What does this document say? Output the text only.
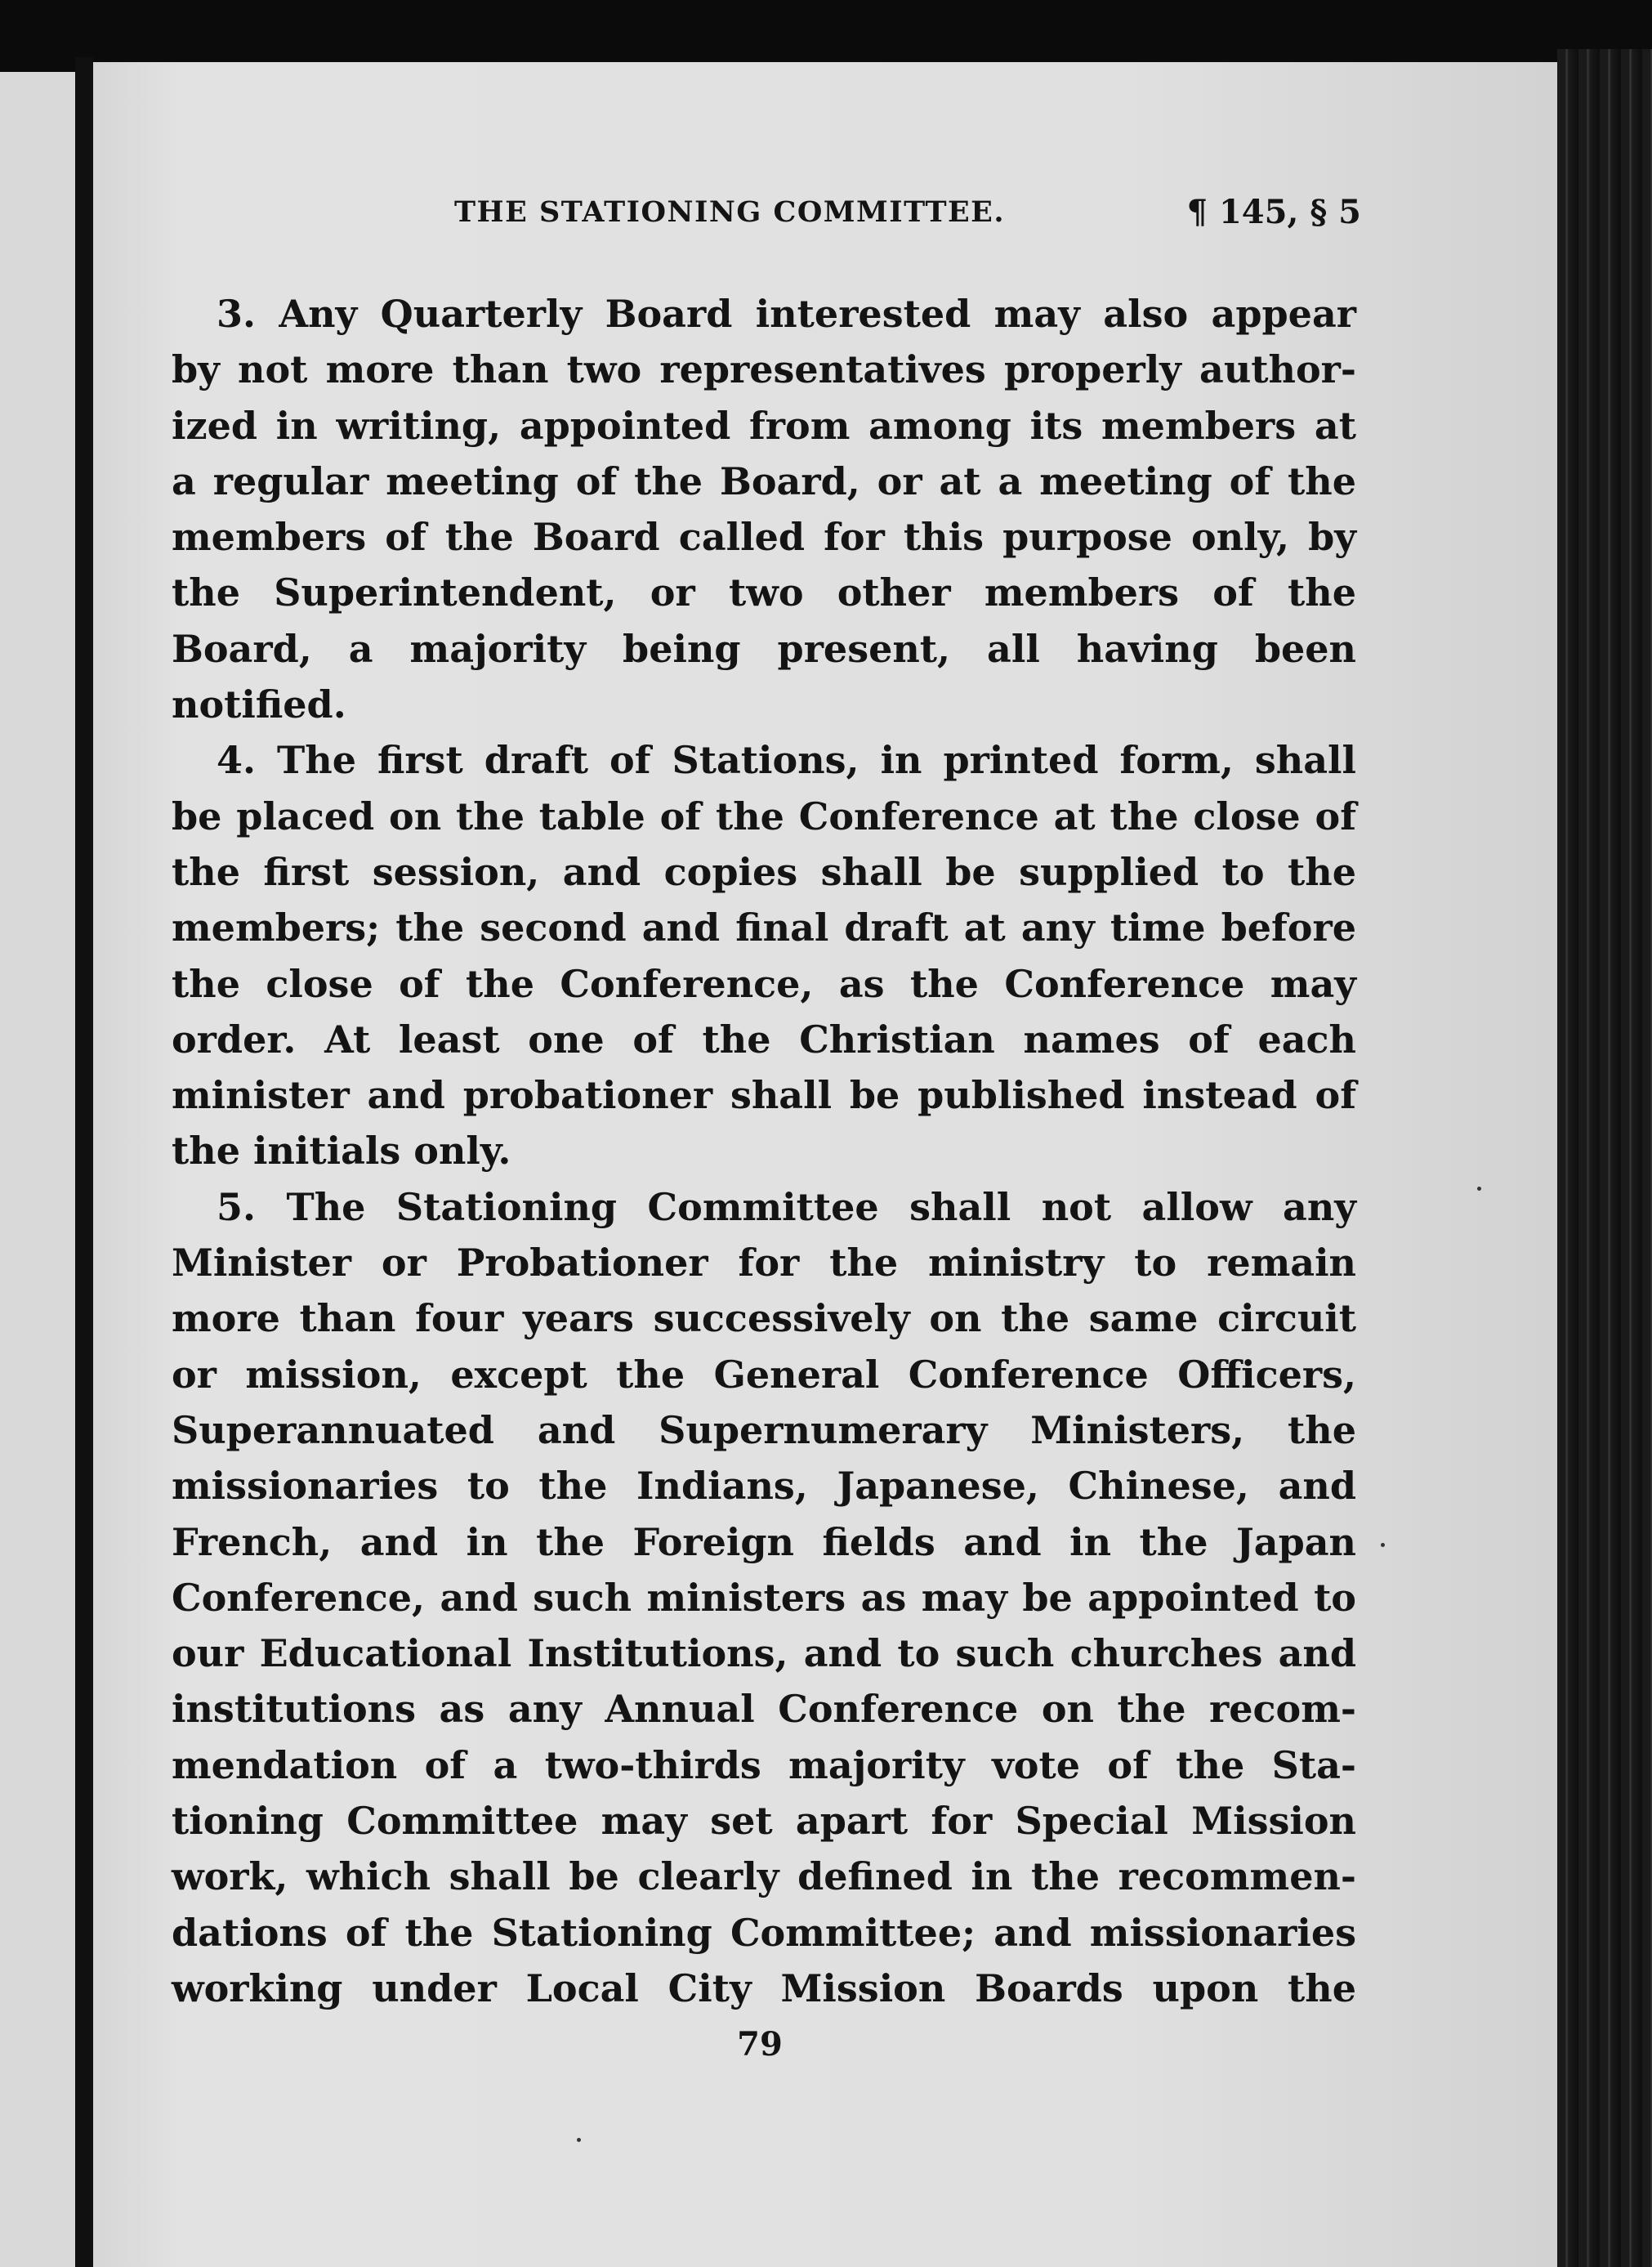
THE STATIONING COMMITTEE.	¶ 145, § 5
3. Any Quarterly Board interested may also appear
by not more than two representatives properly author-
ized in writing, appointed from among its members at
a regular meeting of the Board, or at a meeting of the
members of the Board called for this purpose only, by
the Superintendent, or two other members of the
Board, a majority being present, all having been
notified.
4. The first draft of Stations, in printed form, shall
be placed on the table of the Conference at the close of
the first session, and copies shall be supplied to the
members; the second and final draft at any time before
the close of the Conference, as the Conference may
order. At least one of the Christian names of each
minister and probationer shall be published instead of
the initials only.
5. The Stationing Committee shall not allow any
Minister or Probationer for the ministry to remain
more than four years successively on the same circuit
or mission, except the General Conference Officers,
Superannuated and Supernumerary Ministers, the
missionaries to the Indians, Japanese, Chinese, and
French, and in the Foreign fields and in the Japan
Conference, and such ministers as may be appointed to
our Educational Institutions, and to such churches and
institutions as any Annual Conference on the recom-
mendation of a two-thirds majority vote of the Sta-
tioning Committee may set apart for Special Mission
work, which shall be clearly defined in the recommen-
dations of the Stationing Committee; and missionaries
working under Local City Mission Boards upon the
79
